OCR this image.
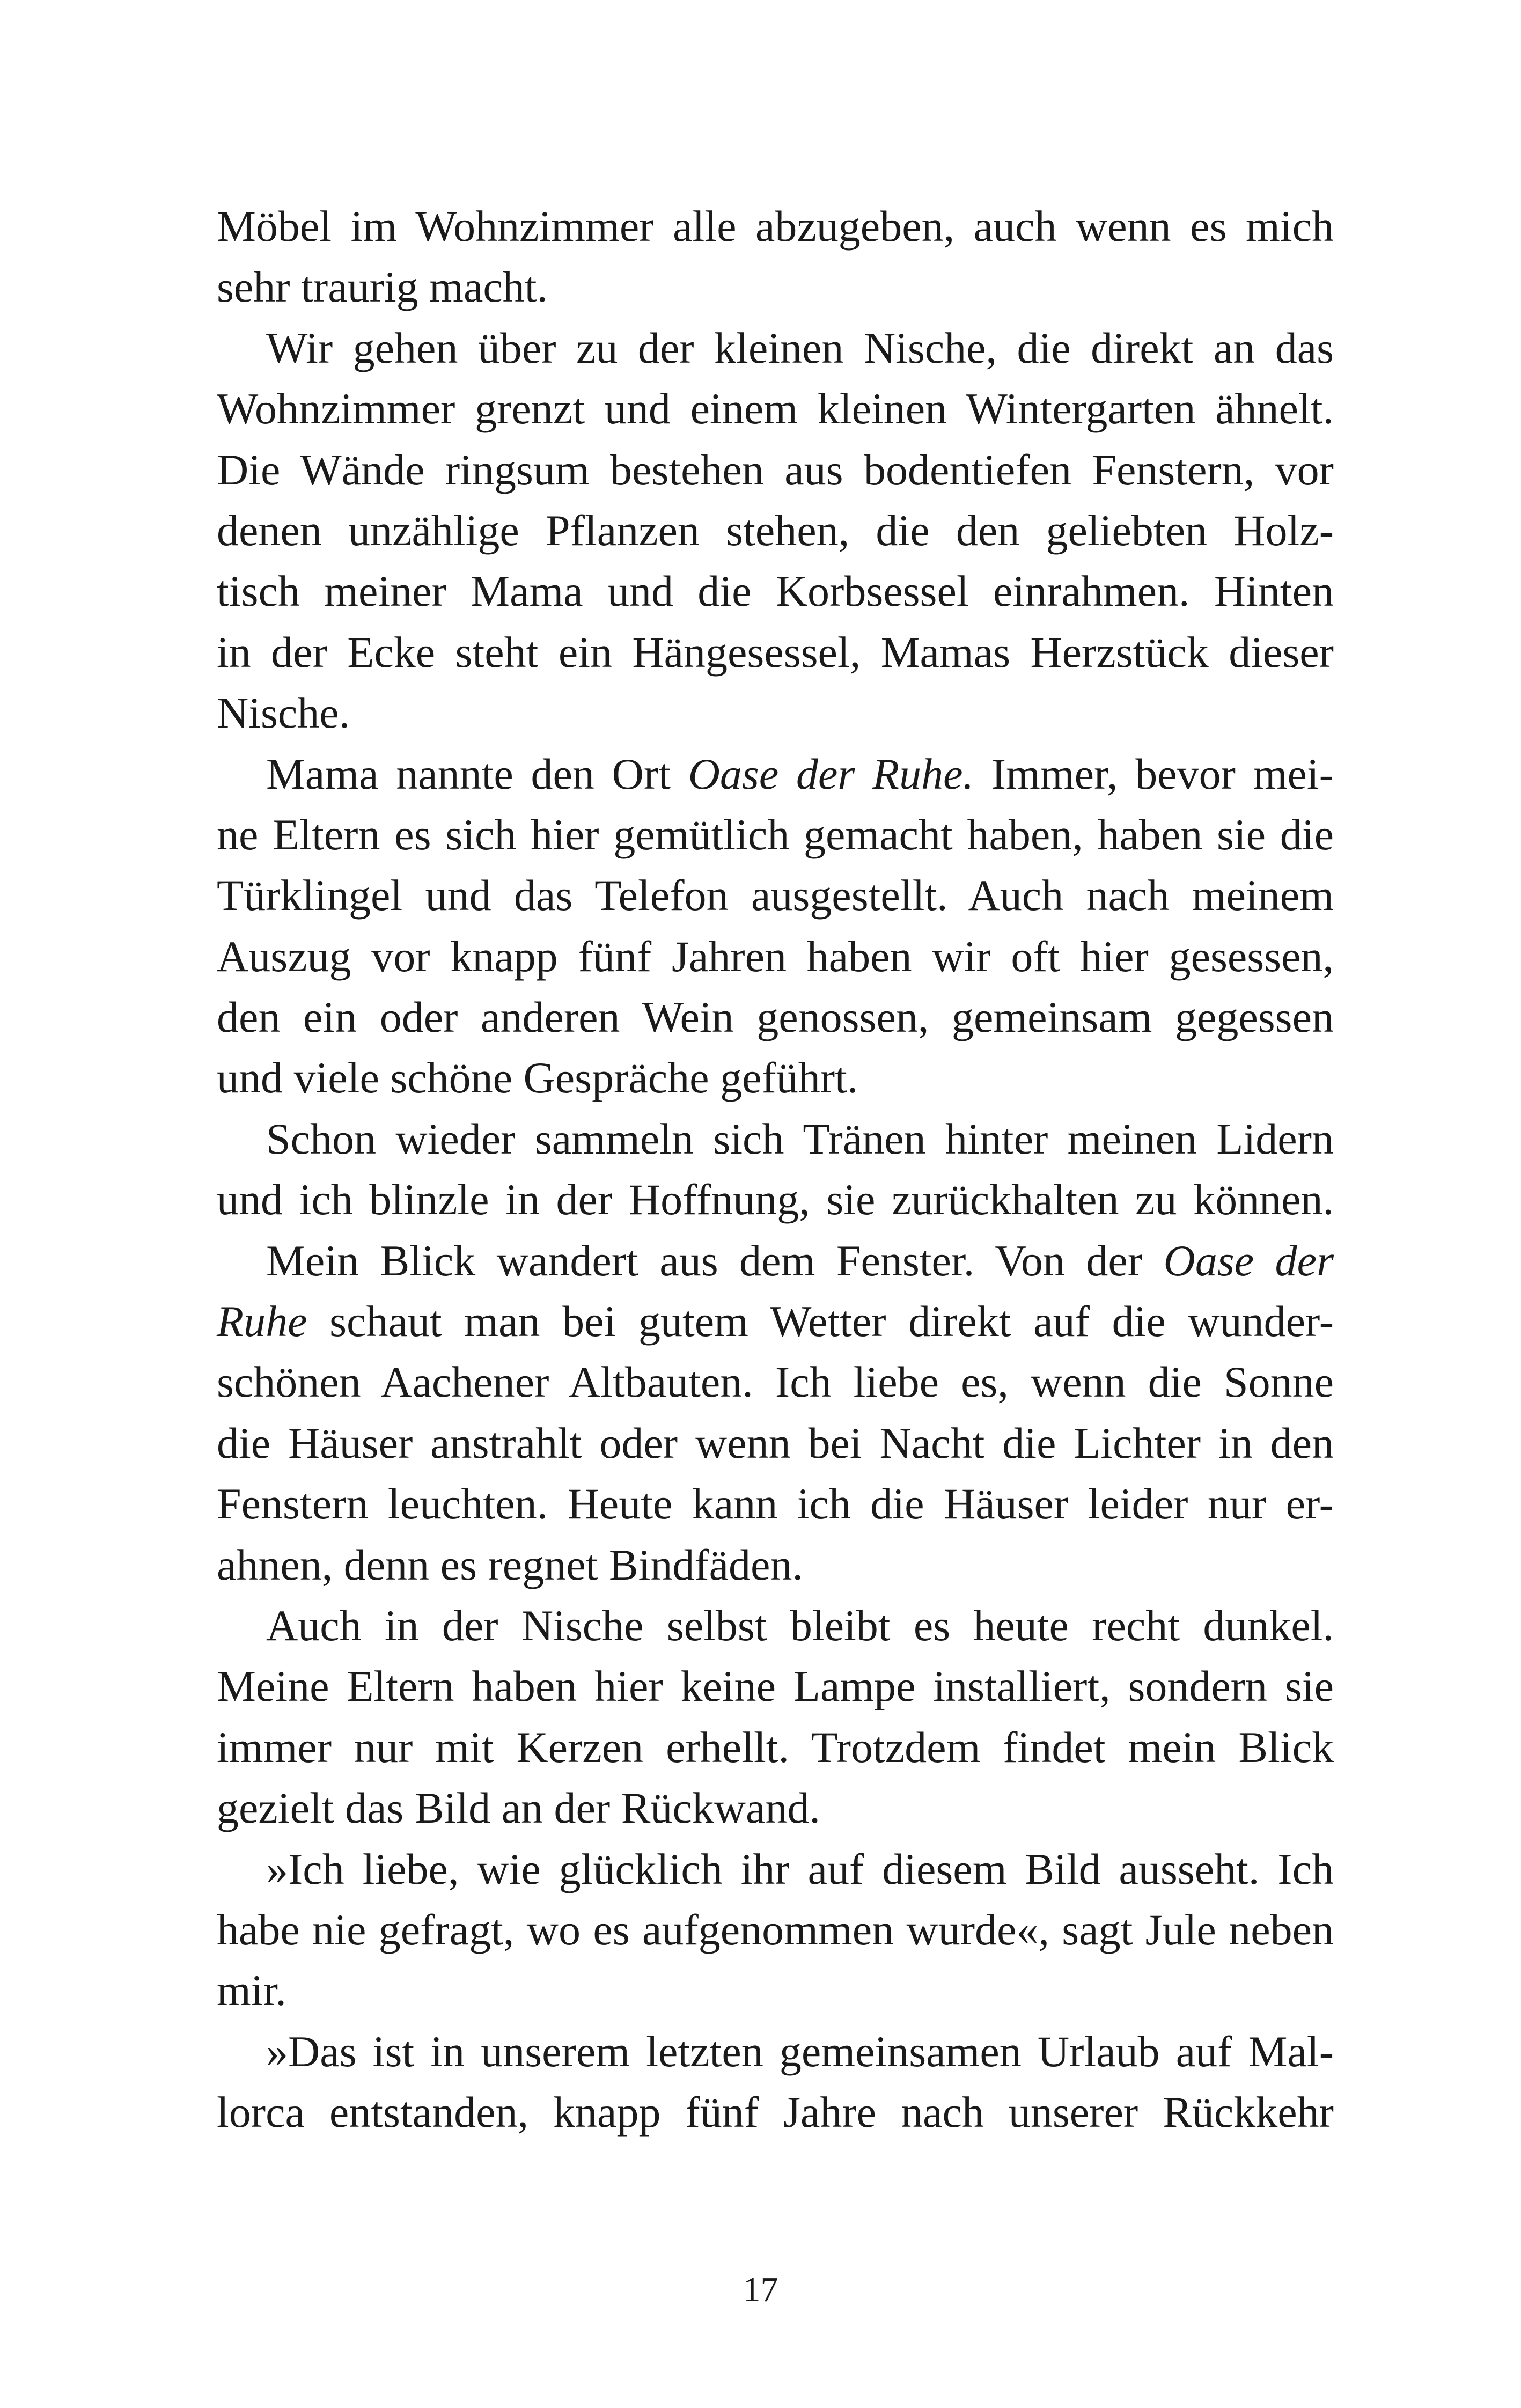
Möbel im Wohnzimmer alle abzugeben, auch wenn es mich
sehr traurig macht.
Wir gehen über zu der kleinen Nische, die direkt an das
Wohnzimmer grenzt und einem kleinen Wintergarten ähnelt.
Die Wände ringsum bestehen aus bodentiefen Fenstern, vor
denen unzählige Pflanzen stehen, die den geliebten Holz-
tisch meiner Mama und die Korbsessel einrahmen. Hinten
in der Ecke steht ein Hängesessel, Mamas Herzstück dieser
Nische.
Mama nannte den Ort Oase der Ruhe. Immer, bevor mei-
ne Eltern es sich hier gemütlich gemacht haben, haben sie die
Türklingel und das Telefon ausgestellt. Auch nach meinem
Auszug vor knapp fünf Jahren haben wir oft hier gesessen,
den ein oder anderen Wein genossen, gemeinsam gegessen
und viele schöne Gespräche geführt.
Schon wieder sammeln sich Tränen hinter meinen Lidern
und ich blinzle in der Hoffnung, sie zurückhalten zu können.
Mein Blick wandert aus dem Fenster. Von der Oase der
Ruhe schaut man bei gutem Wetter direkt auf die wunder-
schönen Aachener Altbauten. Ich liebe es, wenn die Sonne
die Häuser anstrahlt oder wenn bei Nacht die Lichter in den
Fenstern leuchten. Heute kann ich die Häuser leider nur er-
ahnen, denn es regnet Bindfäden.
Auch in der Nische selbst bleibt es heute recht dunkel.
Meine Eltern haben hier keine Lampe installiert, sondern sie
immer nur mit Kerzen erhellt. Trotzdem findet mein Blick
gezielt das Bild an der Rückwand.
»Ich liebe, wie glücklich ihr auf diesem Bild ausseht. Ich
habe nie gefragt, wo es aufgenommen wurde«, sagt Jule neben
mir.
»Das ist in unserem letzten gemeinsamen Urlaub auf Mal-
lorca entstanden, knapp fünf Jahre nach unserer Rückkehr
17
